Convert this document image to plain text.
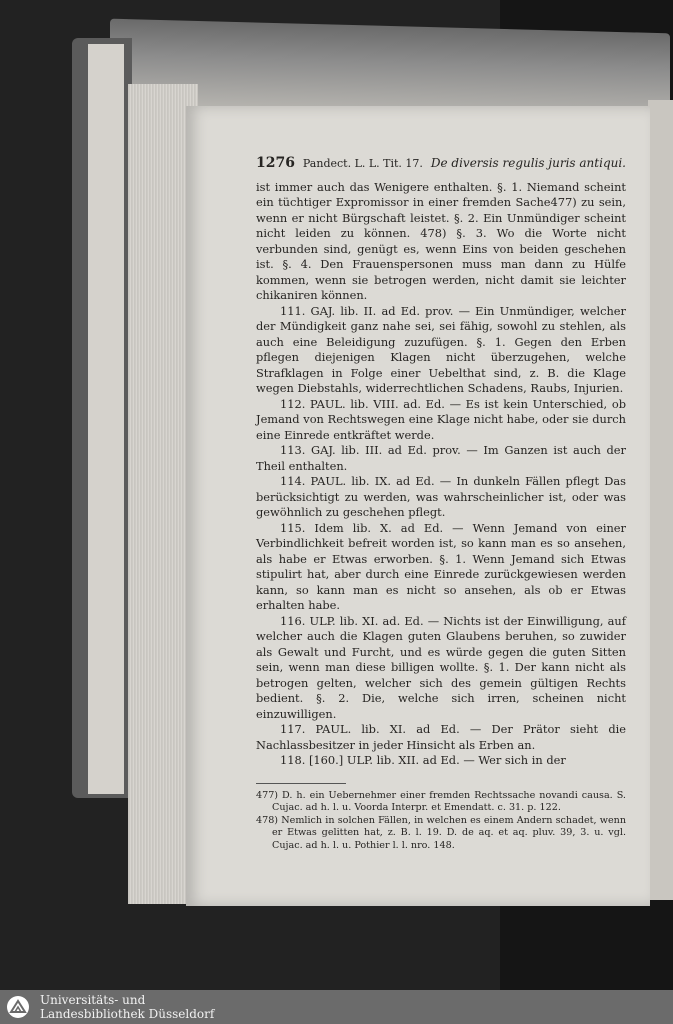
1276 Pandect. L. L. Tit. 17. De diversis regulis juris antiqui.

ist immer auch das Wenigere enthalten. §. 1. Niemand scheint ein tüchtiger Expromissor in einer fremden Sache477) zu sein, wenn er nicht Bürgschaft leistet. §. 2. Ein Unmündiger scheint nicht leiden zu können. 478) §. 3. Wo die Worte nicht verbunden sind, genügt es, wenn Eins von beiden geschehen ist. §. 4. Den Frauenspersonen muss man dann zu Hülfe kommen, wenn sie betrogen werden, nicht damit sie leichter chikaniren können.

111. GAJ. lib. II. ad Ed. prov. — Ein Unmündiger, welcher der Mündigkeit ganz nahe sei, sei fähig, sowohl zu stehlen, als auch eine Beleidigung zuzufügen. §. 1. Gegen den Erben pflegen diejenigen Klagen nicht überzugehen, welche Strafklagen in Folge einer Uebelthat sind, z. B. die Klage wegen Diebstahls, widerrechtlichen Schadens, Raubs, Injurien.

112. PAUL. lib. VIII. ad. Ed. — Es ist kein Unterschied, ob Jemand von Rechtswegen eine Klage nicht habe, oder sie durch eine Einrede entkräftet werde.

113. GAJ. lib. III. ad Ed. prov. — Im Ganzen ist auch der Theil enthalten.

114. PAUL. lib. IX. ad Ed. — In dunkeln Fällen pflegt Das berücksichtigt zu werden, was wahrscheinlicher ist, oder was gewöhnlich zu geschehen pflegt.

115. Idem lib. X. ad Ed. — Wenn Jemand von einer Verbindlichkeit befreit worden ist, so kann man es so ansehen, als habe er Etwas erworben. §. 1. Wenn Jemand sich Etwas stipulirt hat, aber durch eine Einrede zurückgewiesen werden kann, so kann man es nicht so ansehen, als ob er Etwas erhalten habe.

116. ULP. lib. XI. ad. Ed. — Nichts ist der Einwilligung, auf welcher auch die Klagen guten Glaubens beruhen, so zuwider als Gewalt und Furcht, und es würde gegen die guten Sitten sein, wenn man diese billigen wollte. §. 1. Der kann nicht als betrogen gelten, welcher sich des gemein gültigen Rechts bedient. §. 2. Die, welche sich irren, scheinen nicht einzuwilligen.

117. PAUL. lib. XI. ad Ed. — Der Prätor sieht die Nachlassbesitzer in jeder Hinsicht als Erben an.

118. [160.] ULP. lib. XII. ad Ed. — Wer sich in der

477) D. h. ein Uebernehmer einer fremden Rechtssache novandi causa. S. Cujac. ad h. l. u. Voorda Interpr. et Emendatt. c. 31. p. 122.

478) Nemlich in solchen Fällen, in welchen es einem Andern schadet, wenn er Etwas gelitten hat, z. B. l. 19. D. de aq. et aq. pluv. 39, 3. u. vgl. Cujac. ad h. l. u. Pothier l. l. nro. 148.

Universitäts- und
Landesbibliothek Düsseldorf
